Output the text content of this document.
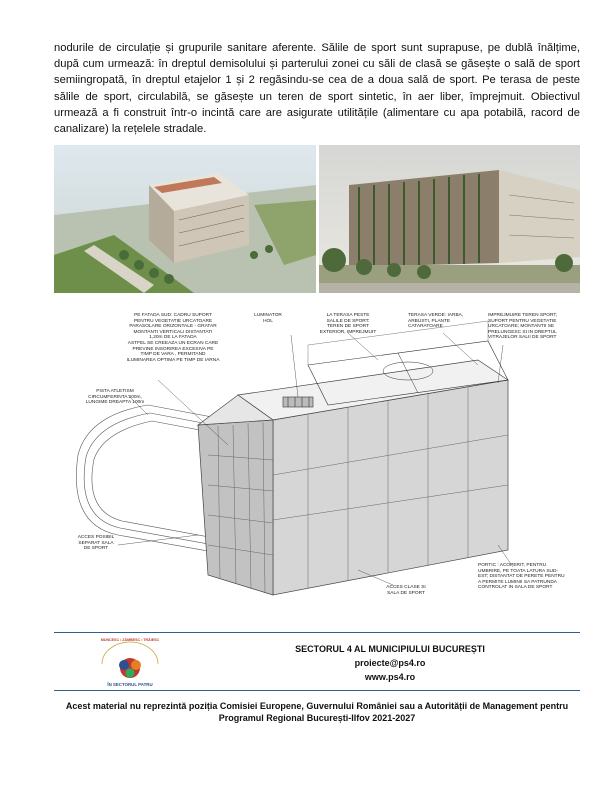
nodurile de circulație și grupurile sanitare aferente. Sălile de sport sunt suprapuse, pe dublă înălțime, după cum urmează: în dreptul demisolului și parterului zonei cu săli de clasă se găsește o sală de sport semiingropată, în dreptul etajelor 1 și 2 regăsindu-se cea de a doua sală de sport. Pe terasa de peste sălile de sport, circulabilă, se găsește un teren de sport sintetic, în aer liber, împrejmuit. Obiectivul urmează a fi construit într-o incintă care are asigurate utilitățile (alimentare cu apa potabilă, racord de canalizare) la rețelele stradale.

PE FATADA SUD: CADRU SUPORT
PENTRU VEGETATIE URCATOARE
PARASOLARE ORIZONTALE - GRATAR
MONTANTI VERTICALI DISTANTATI
1,20m DE LA FATADA
ASTFEL SE CREEAZA UN ECRAN CARE
PREVINE INSORIREA EXCESIVA PE
TIMP DE VARA , PERMITAND
ILUMINAREA OPTIMA PE TIMP DE IARNA
LUMINATOR
HOL
LA TERASA PESTE
SALILE DE SPORT:
TEREN DE SPORT
EXTERIOR, IMPREJMUIT
TERASA VERDE: IARBA,
ARBUSTI, PLANTE
CATARATOARE
IMPREJMUIRE TEREN SPORT,
SUPORT PENTRU VEGETATIE
URCATOARE; MONTANTII SE
PRELUNGESC SI IN DREPTUL
VITRAJELOR SALII DE SPORT
PISTA ATLETISM
CIRCUMFERINTA 200m,
LUNGIME DREAPTA 100m
ACCES POSIBIL
SEPARAT SALA
DE SPORT
PORTIC : ACOPERIT, PENTRU
UMBRIRE, PE TOATA LATURA SUD-
EST; DISTANTAT DE PERETE PENTRU
A PERMITE LUMINII SA PATRUNDA
CONTROLAT IN SALA DE SPORT
ACCES CLASE SI
SALA DE SPORT
MUNCESC • ZÂMBESC • TRĂIESC
ÎN SECTORUL PATRU
SECTORUL 4 AL MUNICIPIULUI BUCUREȘTI
proiecte@ps4.ro
www.ps4.ro
Acest material nu reprezintă poziția Comisiei Europene, Guvernului României sau a Autorității de Management pentru Programul Regional București-Ilfov 2021-2027
